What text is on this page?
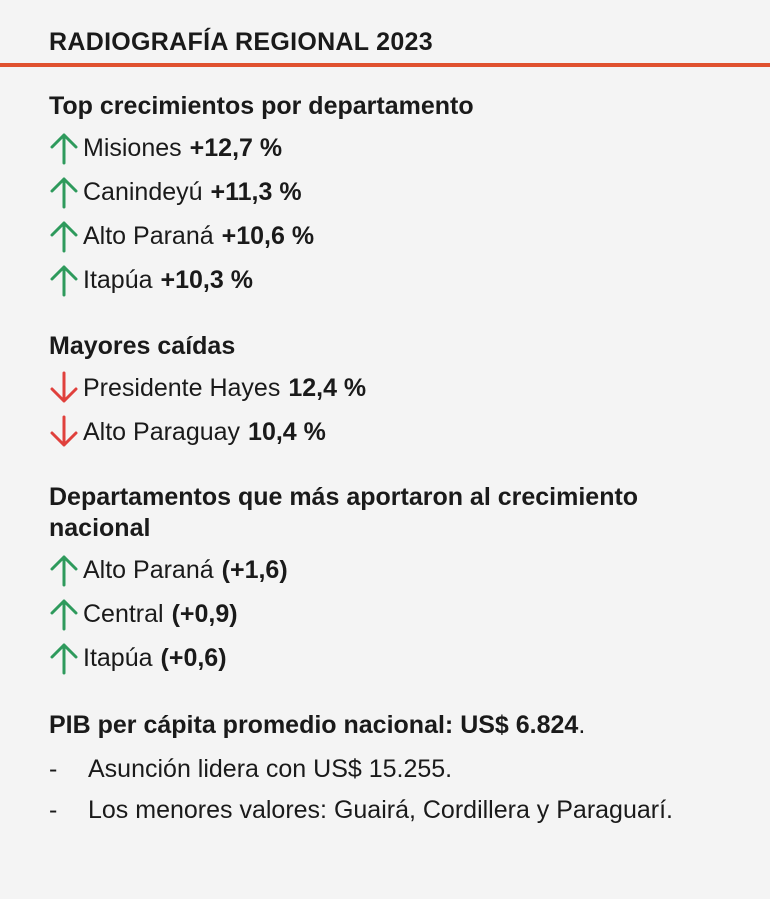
RADIOGRAFÍA REGIONAL 2023
Top crecimientos por departamento
Misiones +12,7 %
Canindeyú +11,3 %
Alto Paraná +10,6 %
Itapúa +10,3 %
Mayores caídas
Presidente Hayes 12,4 %
Alto Paraguay 10,4 %
Departamentos que más aportaron al crecimiento nacional
Alto Paraná (+1,6)
Central (+0,9)
Itapúa (+0,6)
PIB per cápita promedio nacional: US$ 6.824.
-	Asunción lidera con US$ 15.255.
-	Los menores valores: Guairá, Cordillera y Paraguarí.
